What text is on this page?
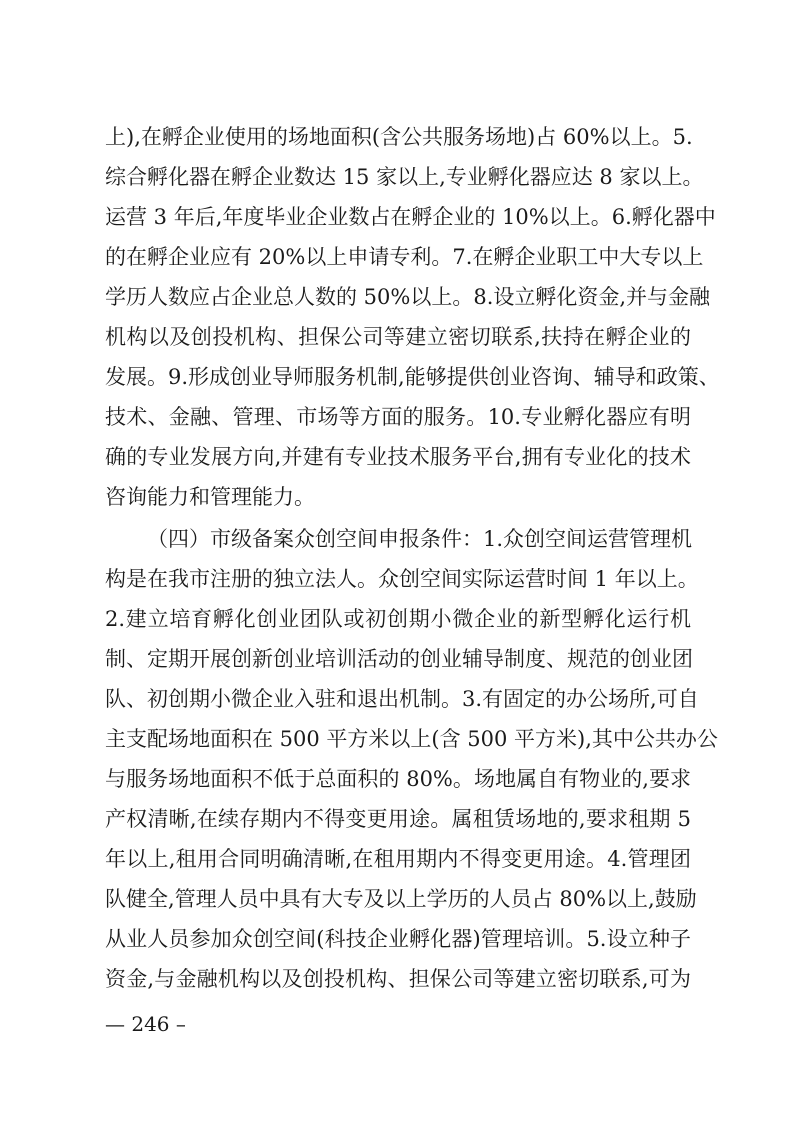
上),在孵企业使用的场地面积(含公共服务场地)占 60%以上。5.
综合孵化器在孵企业数达 15 家以上,专业孵化器应达 8 家以上。
运营 3 年后,年度毕业企业数占在孵企业的 10%以上。6.孵化器中
的在孵企业应有 20%以上申请专利。7.在孵企业职工中大专以上
学历人数应占企业总人数的 50%以上。8.设立孵化资金,并与金融
机构以及创投机构、担保公司等建立密切联系,扶持在孵企业的
发展。9.形成创业导师服务机制,能够提供创业咨询、辅导和政策、
技术、金融、管理、市场等方面的服务。10.专业孵化器应有明
确的专业发展方向,并建有专业技术服务平台,拥有专业化的技术
咨询能力和管理能力。
（四）市级备案众创空间申报条件：1.众创空间运营管理机
构是在我市注册的独立法人。众创空间实际运营时间 1 年以上。
2.建立培育孵化创业团队或初创期小微企业的新型孵化运行机
制、定期开展创新创业培训活动的创业辅导制度、规范的创业团
队、初创期小微企业入驻和退出机制。3.有固定的办公场所,可自
主支配场地面积在 500 平方米以上(含 500 平方米),其中公共办公
与服务场地面积不低于总面积的 80%。场地属自有物业的,要求
产权清晰,在续存期内不得变更用途。属租赁场地的,要求租期 5
年以上,租用合同明确清晰,在租用期内不得变更用途。4.管理团
队健全,管理人员中具有大专及以上学历的人员占 80%以上,鼓励
从业人员参加众创空间(科技企业孵化器)管理培训。5.设立种子
资金,与金融机构以及创投机构、担保公司等建立密切联系,可为
— 246 –
